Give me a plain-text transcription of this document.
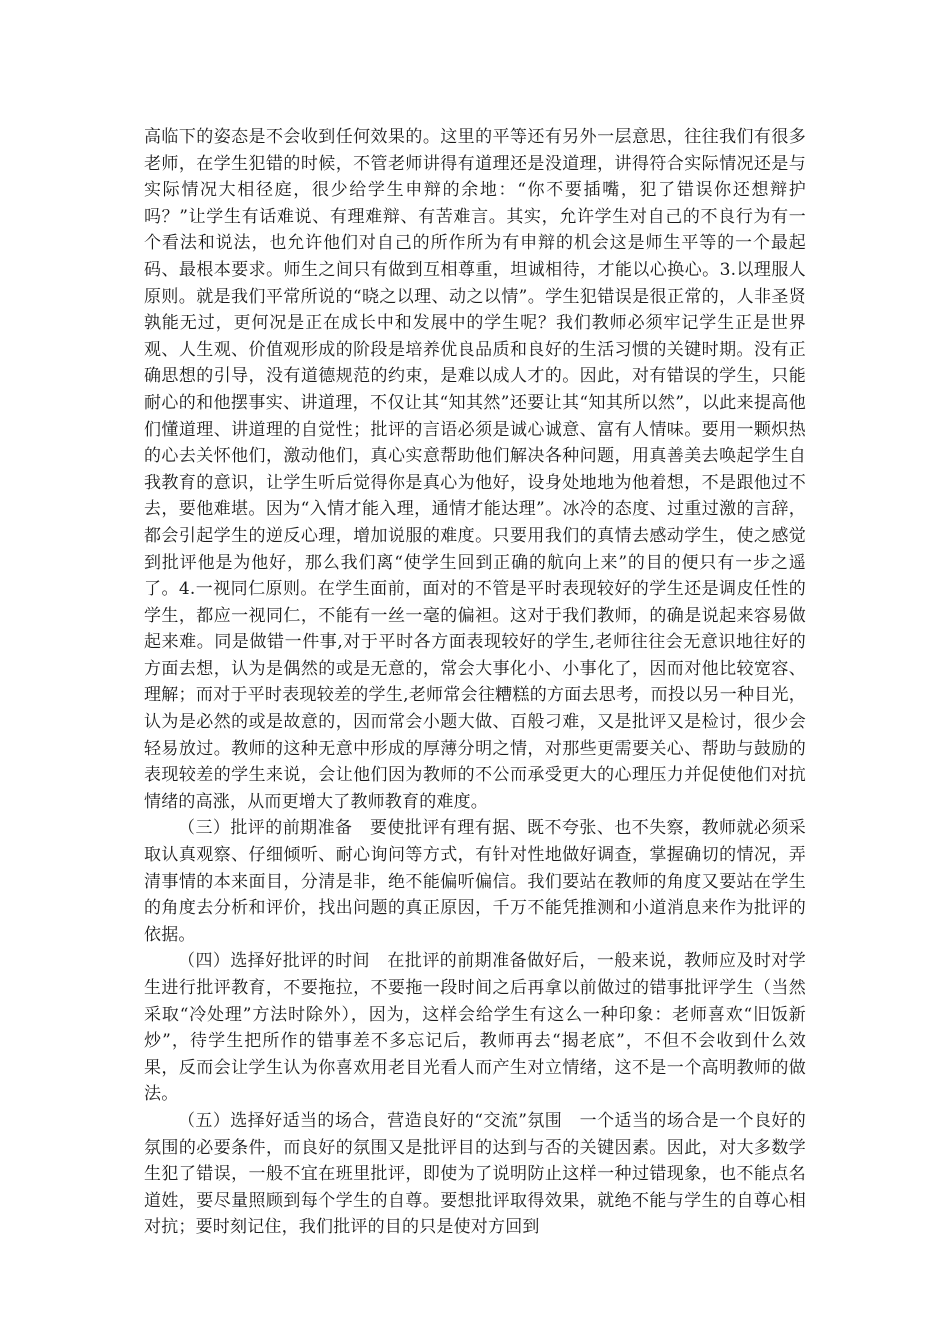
高临下的姿态是不会收到任何效果的。这里的平等还有另外一层意思，往往我们有很多老师，在学生犯错的时候，不管老师讲得有道理还是没道理，讲得符合实际情况还是与实际情况大相径庭，很少给学生申辩的余地：“你不要插嘴，犯了错误你还想辩护吗？”让学生有话难说、有理难辩、有苦难言。其实，允许学生对自己的不良行为有一个看法和说法，也允许他们对自己的所作所为有申辩的机会这是师生平等的一个最起码、最根本要求。师生之间只有做到互相尊重，坦诚相待，才能以心换心。3.以理服人原则。就是我们平常所说的“晓之以理、动之以情”。学生犯错误是很正常的，人非圣贤孰能无过，更何况是正在成长中和发展中的学生呢？我们教师必须牢记学生正是世界观、人生观、价值观形成的阶段是培养优良品质和良好的生活习惯的关键时期。没有正确思想的引导，没有道德规范的约束，是难以成人才的。因此，对有错误的学生，只能耐心的和他摆事实、讲道理，不仅让其“知其然”还要让其“知其所以然”，以此来提高他们懂道理、讲道理的自觉性；批评的言语必须是诚心诚意、富有人情味。要用一颗炽热的心去关怀他们，激动他们，真心实意帮助他们解决各种问题，用真善美去唤起学生自我教育的意识，让学生听后觉得你是真心为他好，设身处地地为他着想，不是跟他过不去，要他难堪。因为“入情才能入理，通情才能达理”。冰冷的态度、过重过激的言辞，都会引起学生的逆反心理，增加说服的难度。只要用我们的真情去感动学生，使之感觉到批评他是为他好，那么我们离“使学生回到正确的航向上来”的目的便只有一步之遥了。4.一视同仁原则。在学生面前，面对的不管是平时表现较好的学生还是调皮任性的学生，都应一视同仁，不能有一丝一毫的偏袒。这对于我们教师，的确是说起来容易做起来难。同是做错一件事,对于平时各方面表现较好的学生,老师往往会无意识地往好的方面去想，认为是偶然的或是无意的，常会大事化小、小事化了，因而对他比较宽容、理解；而对于平时表现较差的学生,老师常会往糟糕的方面去思考，而投以另一种目光，认为是必然的或是故意的，因而常会小题大做、百般刁难，又是批评又是检讨，很少会轻易放过。教师的这种无意中形成的厚薄分明之情，对那些更需要关心、帮助与鼓励的表现较差的学生来说，会让他们因为教师的不公而承受更大的心理压力并促使他们对抗情绪的高涨，从而更增大了教师教育的难度。

（三）批评的前期准备　要使批评有理有据、既不夸张、也不失察，教师就必须采取认真观察、仔细倾听、耐心询问等方式，有针对性地做好调查，掌握确切的情况，弄清事情的本来面目，分清是非，绝不能偏听偏信。我们要站在教师的角度又要站在学生的角度去分析和评价，找出问题的真正原因，千万不能凭推测和小道消息来作为批评的依据。

（四）选择好批评的时间　在批评的前期准备做好后，一般来说，教师应及时对学生进行批评教育，不要拖拉，不要拖一段时间之后再拿以前做过的错事批评学生（当然采取“冷处理”方法时除外），因为，这样会给学生有这么一种印象：老师喜欢“旧饭新炒”，待学生把所作的错事差不多忘记后，教师再去“揭老底”，不但不会收到什么效果，反而会让学生认为你喜欢用老目光看人而产生对立情绪，这不是一个高明教师的做法。

（五）选择好适当的场合，营造良好的“交流”氛围　一个适当的场合是一个良好的氛围的必要条件，而良好的氛围又是批评目的达到与否的关键因素。因此，对大多数学生犯了错误，一般不宜在班里批评，即使为了说明防止这样一种过错现象，也不能点名道姓，要尽量照顾到每个学生的自尊。要想批评取得效果，就绝不能与学生的自尊心相对抗；要时刻记住，我们批评的目的只是使对方回到
